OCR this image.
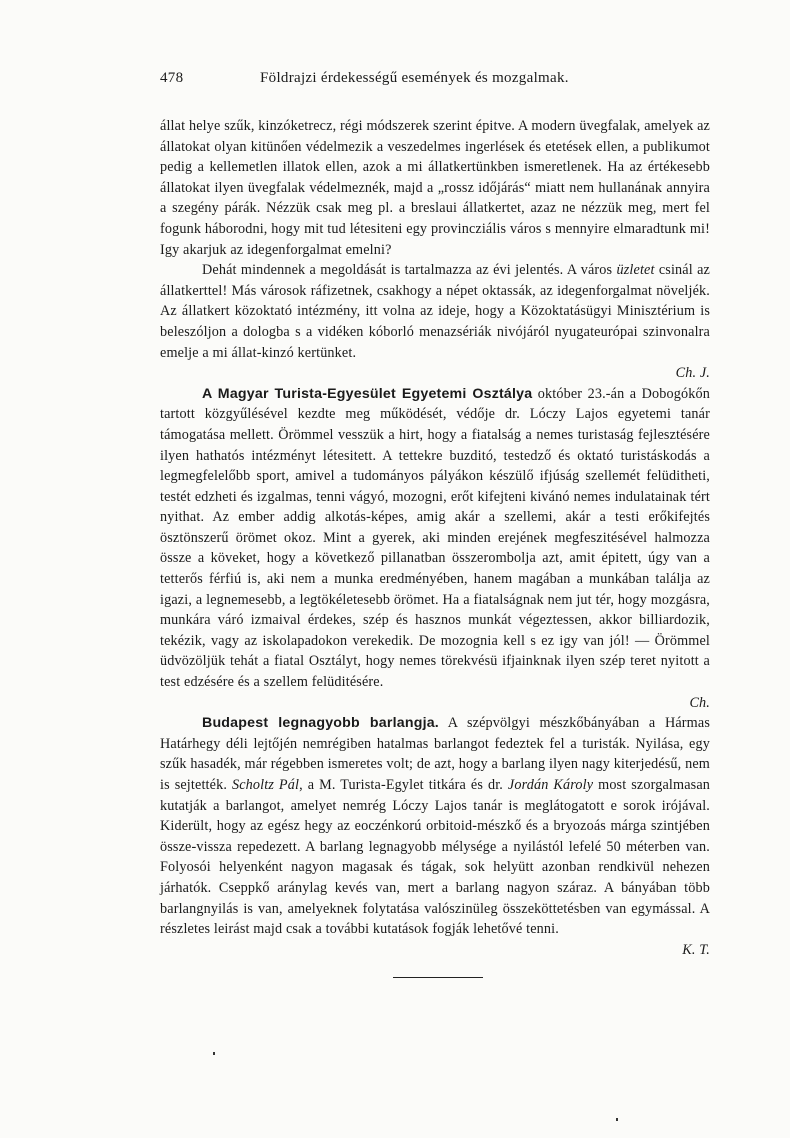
478	Földrajzi érdekességű események és mozgalmak.

állat helye szűk, kinzóketrecz, régi módszerek szerint épitve. A modern üvegfalak, amelyek az állatokat olyan kitünően védelmezik a veszedelmes ingerlések és etetések ellen, a publikumot pedig a kellemetlen illatok ellen, azok a mi állatkertünkben ismeretlenek. Ha az értékesebb állatokat ilyen üvegfalak védelmeznék, majd a „rossz időjárás“ miatt nem hullanának annyira a szegény párák. Nézzük csak meg pl. a breslaui állatkertet, azaz ne nézzük meg, mert fel fogunk háborodni, hogy mit tud létesiteni egy provincziális város s mennyire elmaradtunk mi! Igy akarjuk az idegenforgalmat emelni?

Dehát mindennek a megoldását is tartalmazza az évi jelentés. A város üzletet csinál az állatkerttel! Más városok ráfizetnek, csakhogy a népet oktassák, az idegenforgalmat növeljék. Az állatkert közoktató intézmény, itt volna az ideje, hogy a Közoktatásügyi Minisztérium is beleszóljon a dologba s a vidéken kóborló menazsériák nivójáról nyugateurópai szinvonalra emelje a mi állat-kinzó kertünket.

Ch. J.

A Magyar Turista-Egyesület Egyetemi Osztálya október 23.-án a Dobogókőn tartott közgyűlésével kezdte meg működését, védője dr. Lóczy Lajos egyetemi tanár támogatása mellett. Örömmel vesszük a hirt, hogy a fiatalság a nemes turistaság fejlesztésére ilyen hathatós intézményt létesitett. A tettekre buzditó, testedző és oktató turistáskodás a legmegfelelőbb sport, amivel a tudományos pályákon készülő ifjúság szellemét felüditheti, testét edzheti és izgalmas, tenni vágyó, mozogni, erőt kifejteni kivánó nemes indulatainak tért nyithat. Az ember addig alkotás-képes, amig akár a szellemi, akár a testi erőkifejtés ösztönszerű örömet okoz. Mint a gyerek, aki minden erejének megfeszitésével halmozza össze a köveket, hogy a következő pillanatban összerombolja azt, amit épitett, úgy van a tetterős férfiú is, aki nem a munka eredményében, hanem magában a munkában találja az igazi, a legnemesebb, a legtökéletesebb örömet. Ha a fiatalságnak nem jut tér, hogy mozgásra, munkára váró izmaival érdekes, szép és hasznos munkát végeztessen, akkor billiardozik, tekézik, vagy az iskolapadokon verekedik. De mozognia kell s ez igy van jól! — Örömmel üdvözöljük tehát a fiatal Osztályt, hogy nemes törekvésü ifjainknak ilyen szép teret nyitott a test edzésére és a szellem felüditésére.

Ch.

Budapest legnagyobb barlangja. A szépvölgyi mészkőbányában a Hármas Határhegy déli lejtőjén nemrégiben hatalmas barlangot fedeztek fel a turisták. Nyilása, egy szűk hasadék, már régebben ismeretes volt; de azt, hogy a barlang ilyen nagy kiterjedésű, nem is sejtették. Scholtz Pál, a M. Turista-Egylet titkára és dr. Jordán Károly most szorgalmasan kutatják a barlangot, amelyet nemrég Lóczy Lajos tanár is meglátogatott e sorok irójával. Kiderült, hogy az egész hegy az eoczénkorú orbitoid-mészkő és a bryozoás márga szintjében össze-vissza repedezett. A barlang legnagyobb mélysége a nyilástól lefelé 50 méterben van. Folyosói helyenként nagyon magasak és tágak, sok helyütt azonban rendkivül nehezen járhatók. Cseppkő aránylag kevés van, mert a barlang nagyon száraz. A bányában több barlangnyilás is van, amelyeknek folytatása valószinüleg összeköttetésben van egymással. A részletes leirást majd csak a további kutatások fogják lehetővé tenni.

K. T.
